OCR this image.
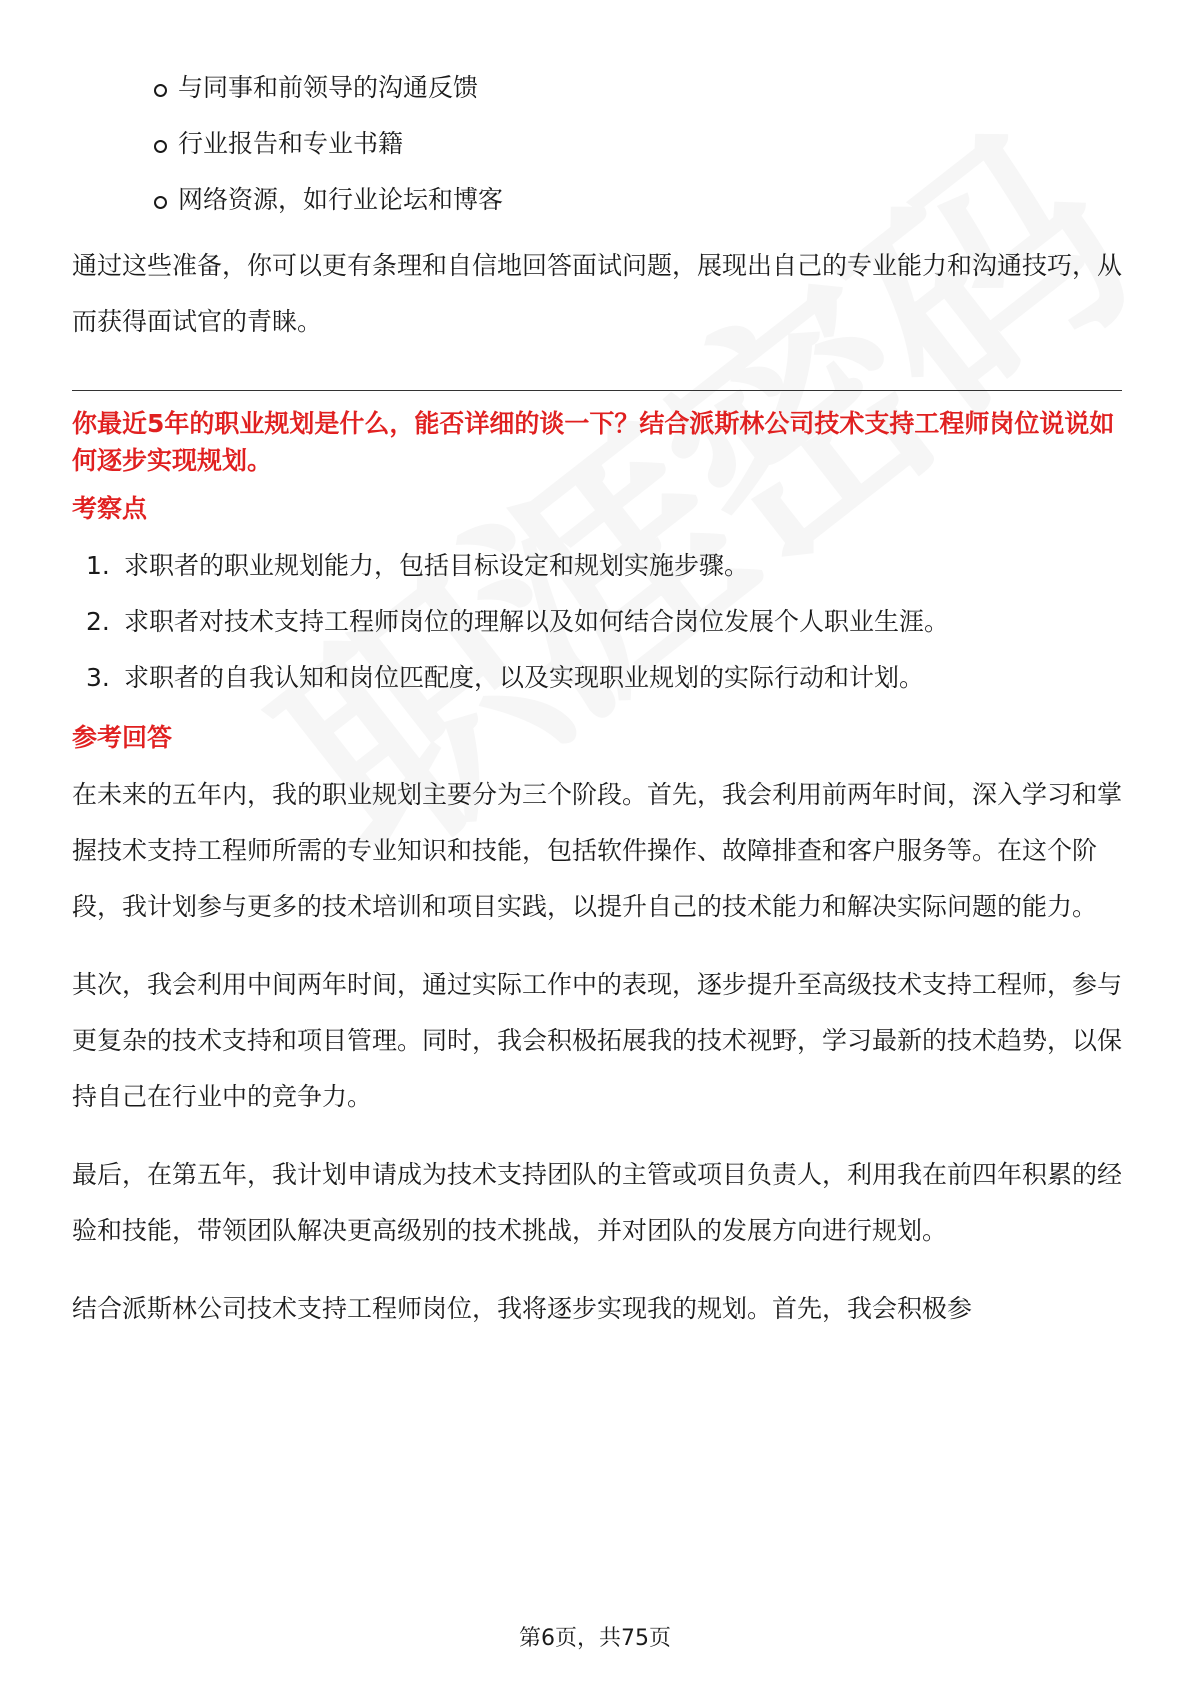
与同事和前领导的沟通反馈
行业报告和专业书籍
网络资源，如行业论坛和博客

通过这些准备，你可以更有条理和自信地回答面试问题，展现出自己的专业能力和沟通技巧，从而获得面试官的青睐。

你最近5年的职业规划是什么，能否详细的谈一下？结合派斯林公司技术支持工程师岗位说说如何逐步实现规划。

考察点

1. 求职者的职业规划能力，包括目标设定和规划实施步骤。
2. 求职者对技术支持工程师岗位的理解以及如何结合岗位发展个人职业生涯。
3. 求职者的自我认知和岗位匹配度，以及实现职业规划的实际行动和计划。

参考回答

在未来的五年内，我的职业规划主要分为三个阶段。首先，我会利用前两年时间，深入学习和掌握技术支持工程师所需的专业知识和技能，包括软件操作、故障排查和客户服务等。在这个阶段，我计划参与更多的技术培训和项目实践，以提升自己的技术能力和解决实际问题的能力。

其次，我会利用中间两年时间，通过实际工作中的表现，逐步提升至高级技术支持工程师，参与更复杂的技术支持和项目管理。同时，我会积极拓展我的技术视野，学习最新的技术趋势，以保持自己在行业中的竞争力。

最后，在第五年，我计划申请成为技术支持团队的主管或项目负责人，利用我在前四年积累的经验和技能，带领团队解决更高级别的技术挑战，并对团队的发展方向进行规划。

结合派斯林公司技术支持工程师岗位，我将逐步实现我的规划。首先，我会积极参

第6页，共75页
